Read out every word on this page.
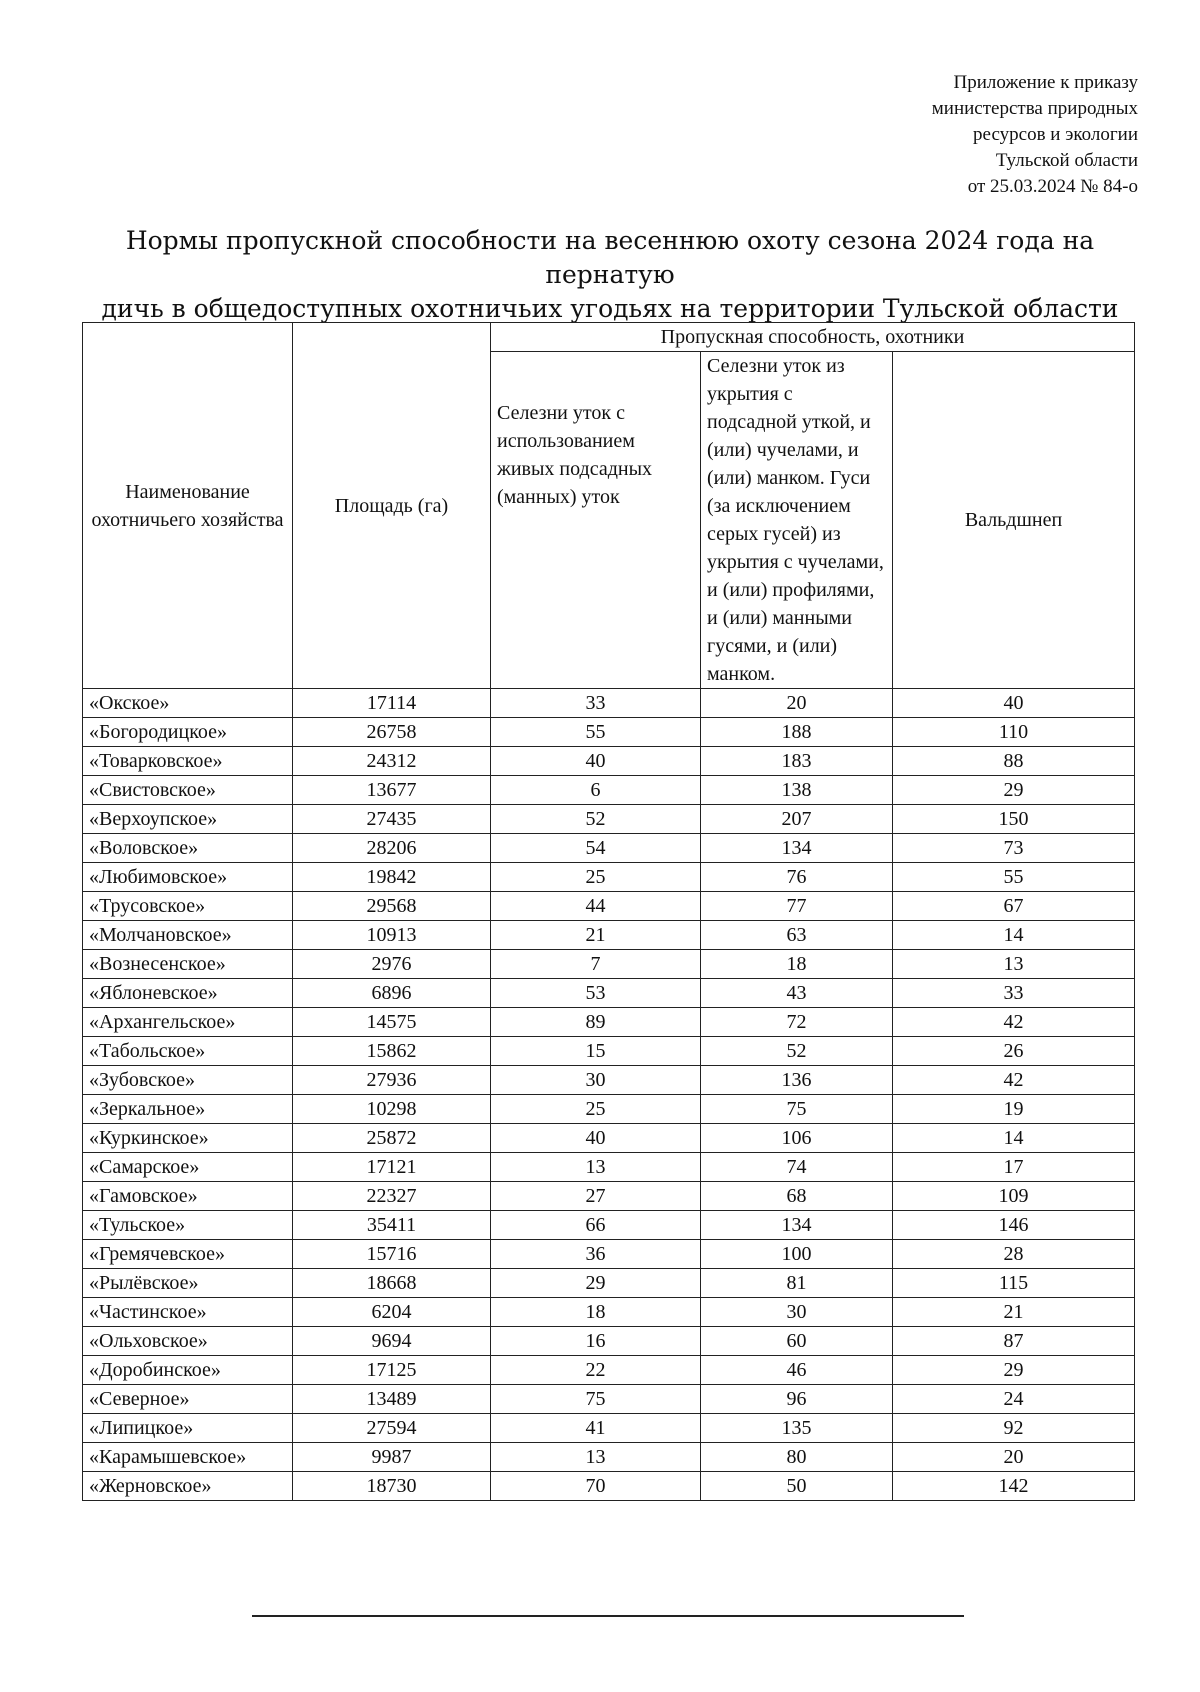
Приложение к приказу
министерства природных
ресурсов и экологии
Тульской области
от 25.03.2024 № 84-о
Нормы пропускной способности на весеннюю охоту сезона 2024 года на пернатую
дичь в общедоступных охотничьих угодьях на территории Тульской области
Наименование охотничьего хозяйства	Площадь (га)	Пропускная способность, охотники		
		Селезни уток с использованием живых подсадных (манных) уток	Селезни уток из укрытия с подсадной уткой, и (или) чучелами, и (или) манком. Гуси (за исключением серых гусей) из укрытия с чучелами, и (или) профилями, и (или) манными гусями, и (или) манком.	Вальдшнеп
«Окское»	17114	33	20	40
«Богородицкое»	26758	55	188	110
«Товарковское»	24312	40	183	88
«Свистовское»	13677	6	138	29
«Верхоупское»	27435	52	207	150
«Воловское»	28206	54	134	73
«Любимовское»	19842	25	76	55
«Трусовское»	29568	44	77	67
«Молчановское»	10913	21	63	14
«Вознесенское»	2976	7	18	13
«Яблоневское»	6896	53	43	33
«Архангельское»	14575	89	72	42
«Табольское»	15862	15	52	26
«Зубовское»	27936	30	136	42
«Зеркальное»	10298	25	75	19
«Куркинское»	25872	40	106	14
«Самарское»	17121	13	74	17
«Гамовское»	22327	27	68	109
«Тульское»	35411	66	134	146
«Гремячевское»	15716	36	100	28
«Рылёвское»	18668	29	81	115
«Частинское»	6204	18	30	21
«Ольховское»	9694	16	60	87
«Доробинское»	17125	22	46	29
«Северное»	13489	75	96	24
«Липицкое»	27594	41	135	92
«Карамышевское»	9987	13	80	20
«Жерновское»	18730	70	50	142
